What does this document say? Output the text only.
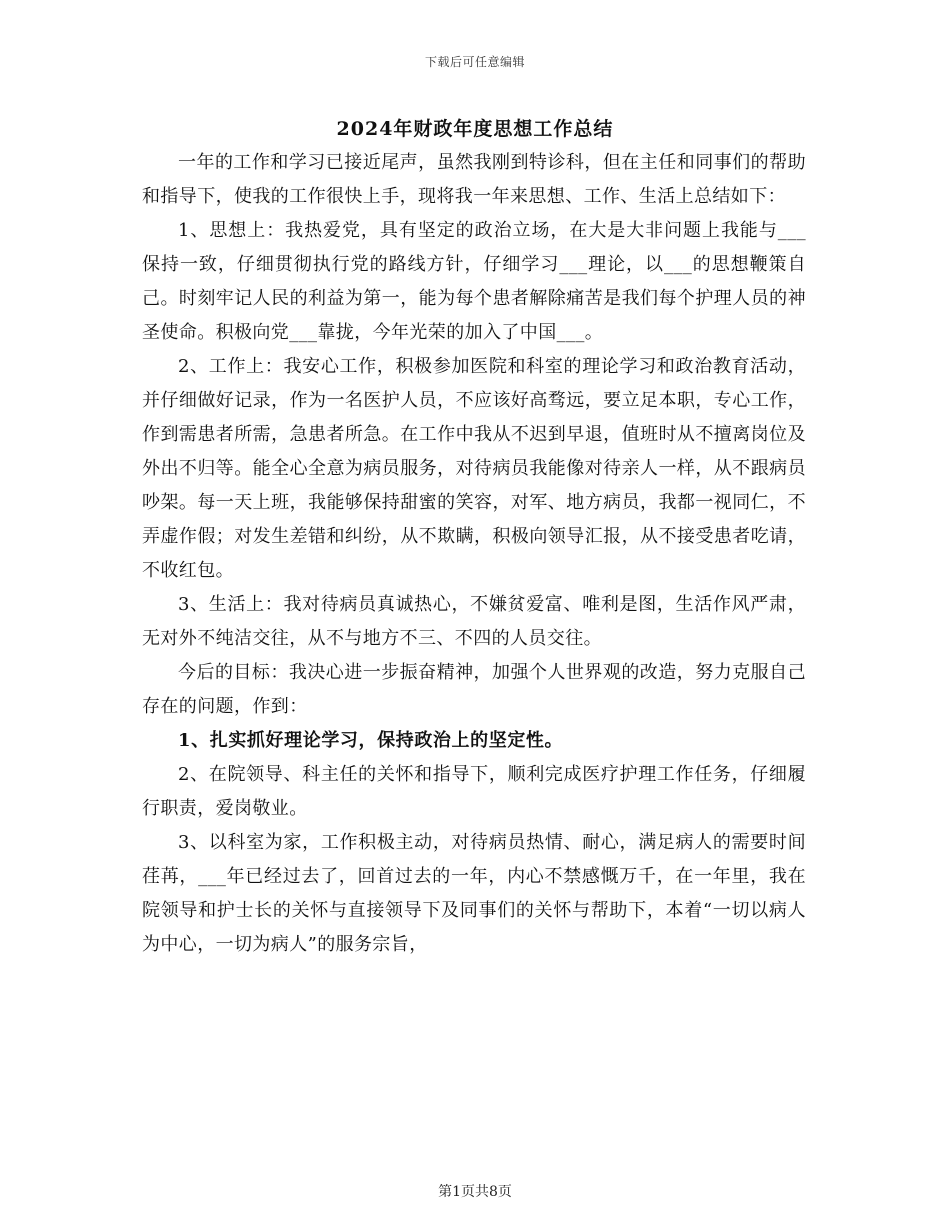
下载后可任意编辑
2024年财政年度思想工作总结

一年的工作和学习已接近尾声，虽然我刚到特诊科，但在主任和同事们的帮助和指导下，使我的工作很快上手，现将我一年来思想、工作、生活上总结如下：

1、思想上：我热爱党，具有坚定的政治立场，在大是大非问题上我能与___保持一致，仔细贯彻执行党的路线方针，仔细学习___理论，以___的思想鞭策自己。时刻牢记人民的利益为第一，能为每个患者解除痛苦是我们每个护理人员的神圣使命。积极向党___靠拢，今年光荣的加入了中国___。

2、工作上：我安心工作，积极参加医院和科室的理论学习和政治教育活动，并仔细做好记录，作为一名医护人员，不应该好高骛远，要立足本职，专心工作，作到需患者所需，急患者所急。在工作中我从不迟到早退，值班时从不擅离岗位及外出不归等。能全心全意为病员服务，对待病员我能像对待亲人一样，从不跟病员吵架。每一天上班，我能够保持甜蜜的笑容，对军、地方病员，我都一视同仁，不弄虚作假；对发生差错和纠纷，从不欺瞒，积极向领导汇报，从不接受患者吃请，不收红包。

3、生活上：我对待病员真诚热心，不嫌贫爱富、唯利是图，生活作风严肃，无对外不纯洁交往，从不与地方不三、不四的人员交往。

今后的目标：我决心进一步振奋精神，加强个人世界观的改造，努力克服自己存在的问题，作到：

1、扎实抓好理论学习，保持政治上的坚定性。

2、在院领导、科主任的关怀和指导下，顺利完成医疗护理工作任务，仔细履行职责，爱岗敬业。

3、以科室为家，工作积极主动，对待病员热情、耐心，满足病人的需要时间荏苒，___年已经过去了，回首过去的一年，内心不禁感慨万千，在一年里，我在院领导和护士长的关怀与直接领导下及同事们的关怀与帮助下，本着“一切以病人为中心，一切为病人”的服务宗旨，

第1页共8页
